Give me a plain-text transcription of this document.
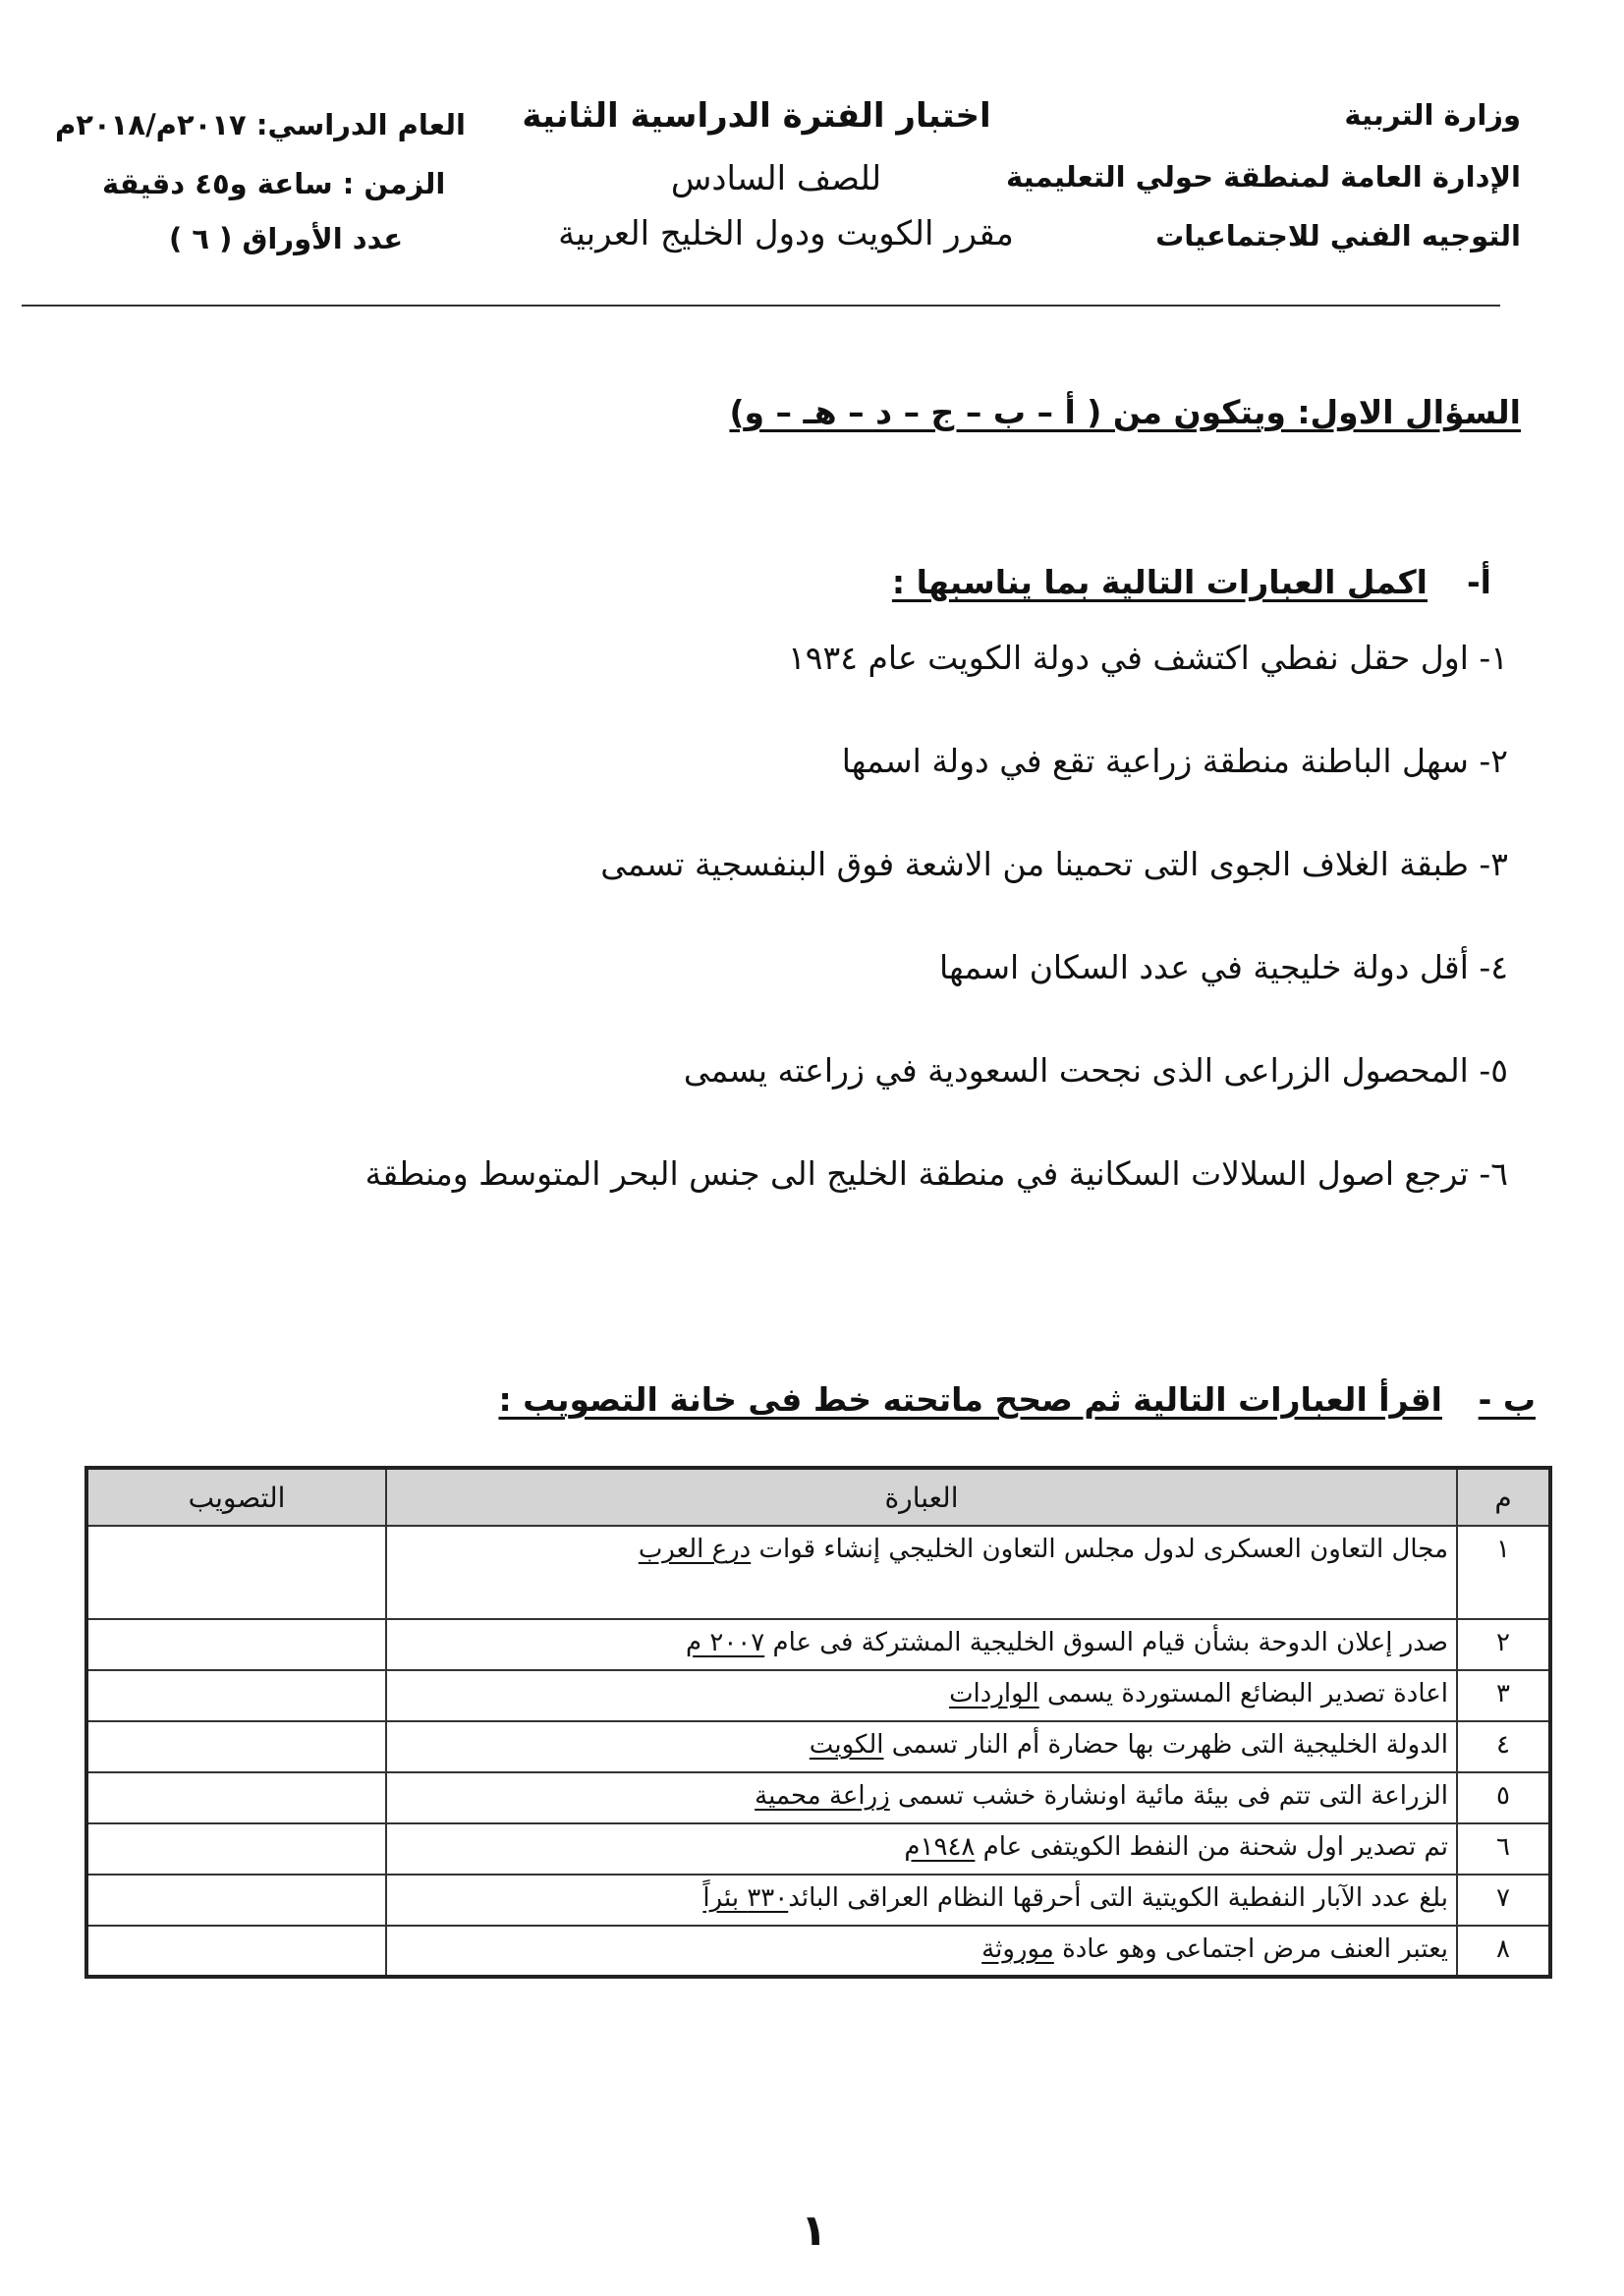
وزارة التربية
الإدارة العامة لمنطقة حولي التعليمية
التوجيه الفني للاجتماعيات
اختبار الفترة الدراسية الثانية
للصف السادس
مقرر الكويت ودول الخليج العربية
العام الدراسي: ٢٠١٧م/٢٠١٨م
الزمن : ساعة و٤٥ دقيقة
عدد الأوراق ( ٦ )
السؤال الاول: ويتكون من ( أ – ب – ج – د – هـ – و)
أ-
اكمل العبارات التالية بما يناسبها :
١- اول حقل نفطي اكتشف في دولة الكويت عام ١٩٣٤
٢- سهل الباطنة منطقة زراعية تقع في دولة اسمها
٣- طبقة الغلاف الجوى التى تحمينا من الاشعة فوق البنفسجية تسمى
٤- أقل دولة خليجية في عدد السكان اسمها
٥- المحصول الزراعى الذى نجحت السعودية في زراعته يسمى
٦- ترجع اصول السلالات السكانية في منطقة الخليج الى جنس البحر المتوسط ومنطقة
ب -
اقرأ العبارات التالية ثم صحح ماتحته خط فى خانة التصويب :
م	العبارة	التصويب
١	مجال التعاون العسكرى لدول مجلس التعاون الخليجي إنشاء قوات درع العرب	
٢	صدر إعلان الدوحة بشأن قيام السوق الخليجية المشتركة فى عام ٢٠٠٧ م	
٣	اعادة تصدير البضائع المستوردة يسمى الواردات	
٤	الدولة الخليجية التى ظهرت بها حضارة أم النار تسمى الكويت	
٥	الزراعة التى تتم فى بيئة مائية اونشارة خشب تسمى زراعة محمية	
٦	تم تصدير اول شحنة من النفط الكويتفى عام ١٩٤٨م	
٧	بلغ عدد الآبار النفطية الكويتية التى أحرقها النظام العراقى البائد٣٣٠ بئراً	
٨	يعتبر العنف مرض اجتماعى وهو عادة موروثة	
١
